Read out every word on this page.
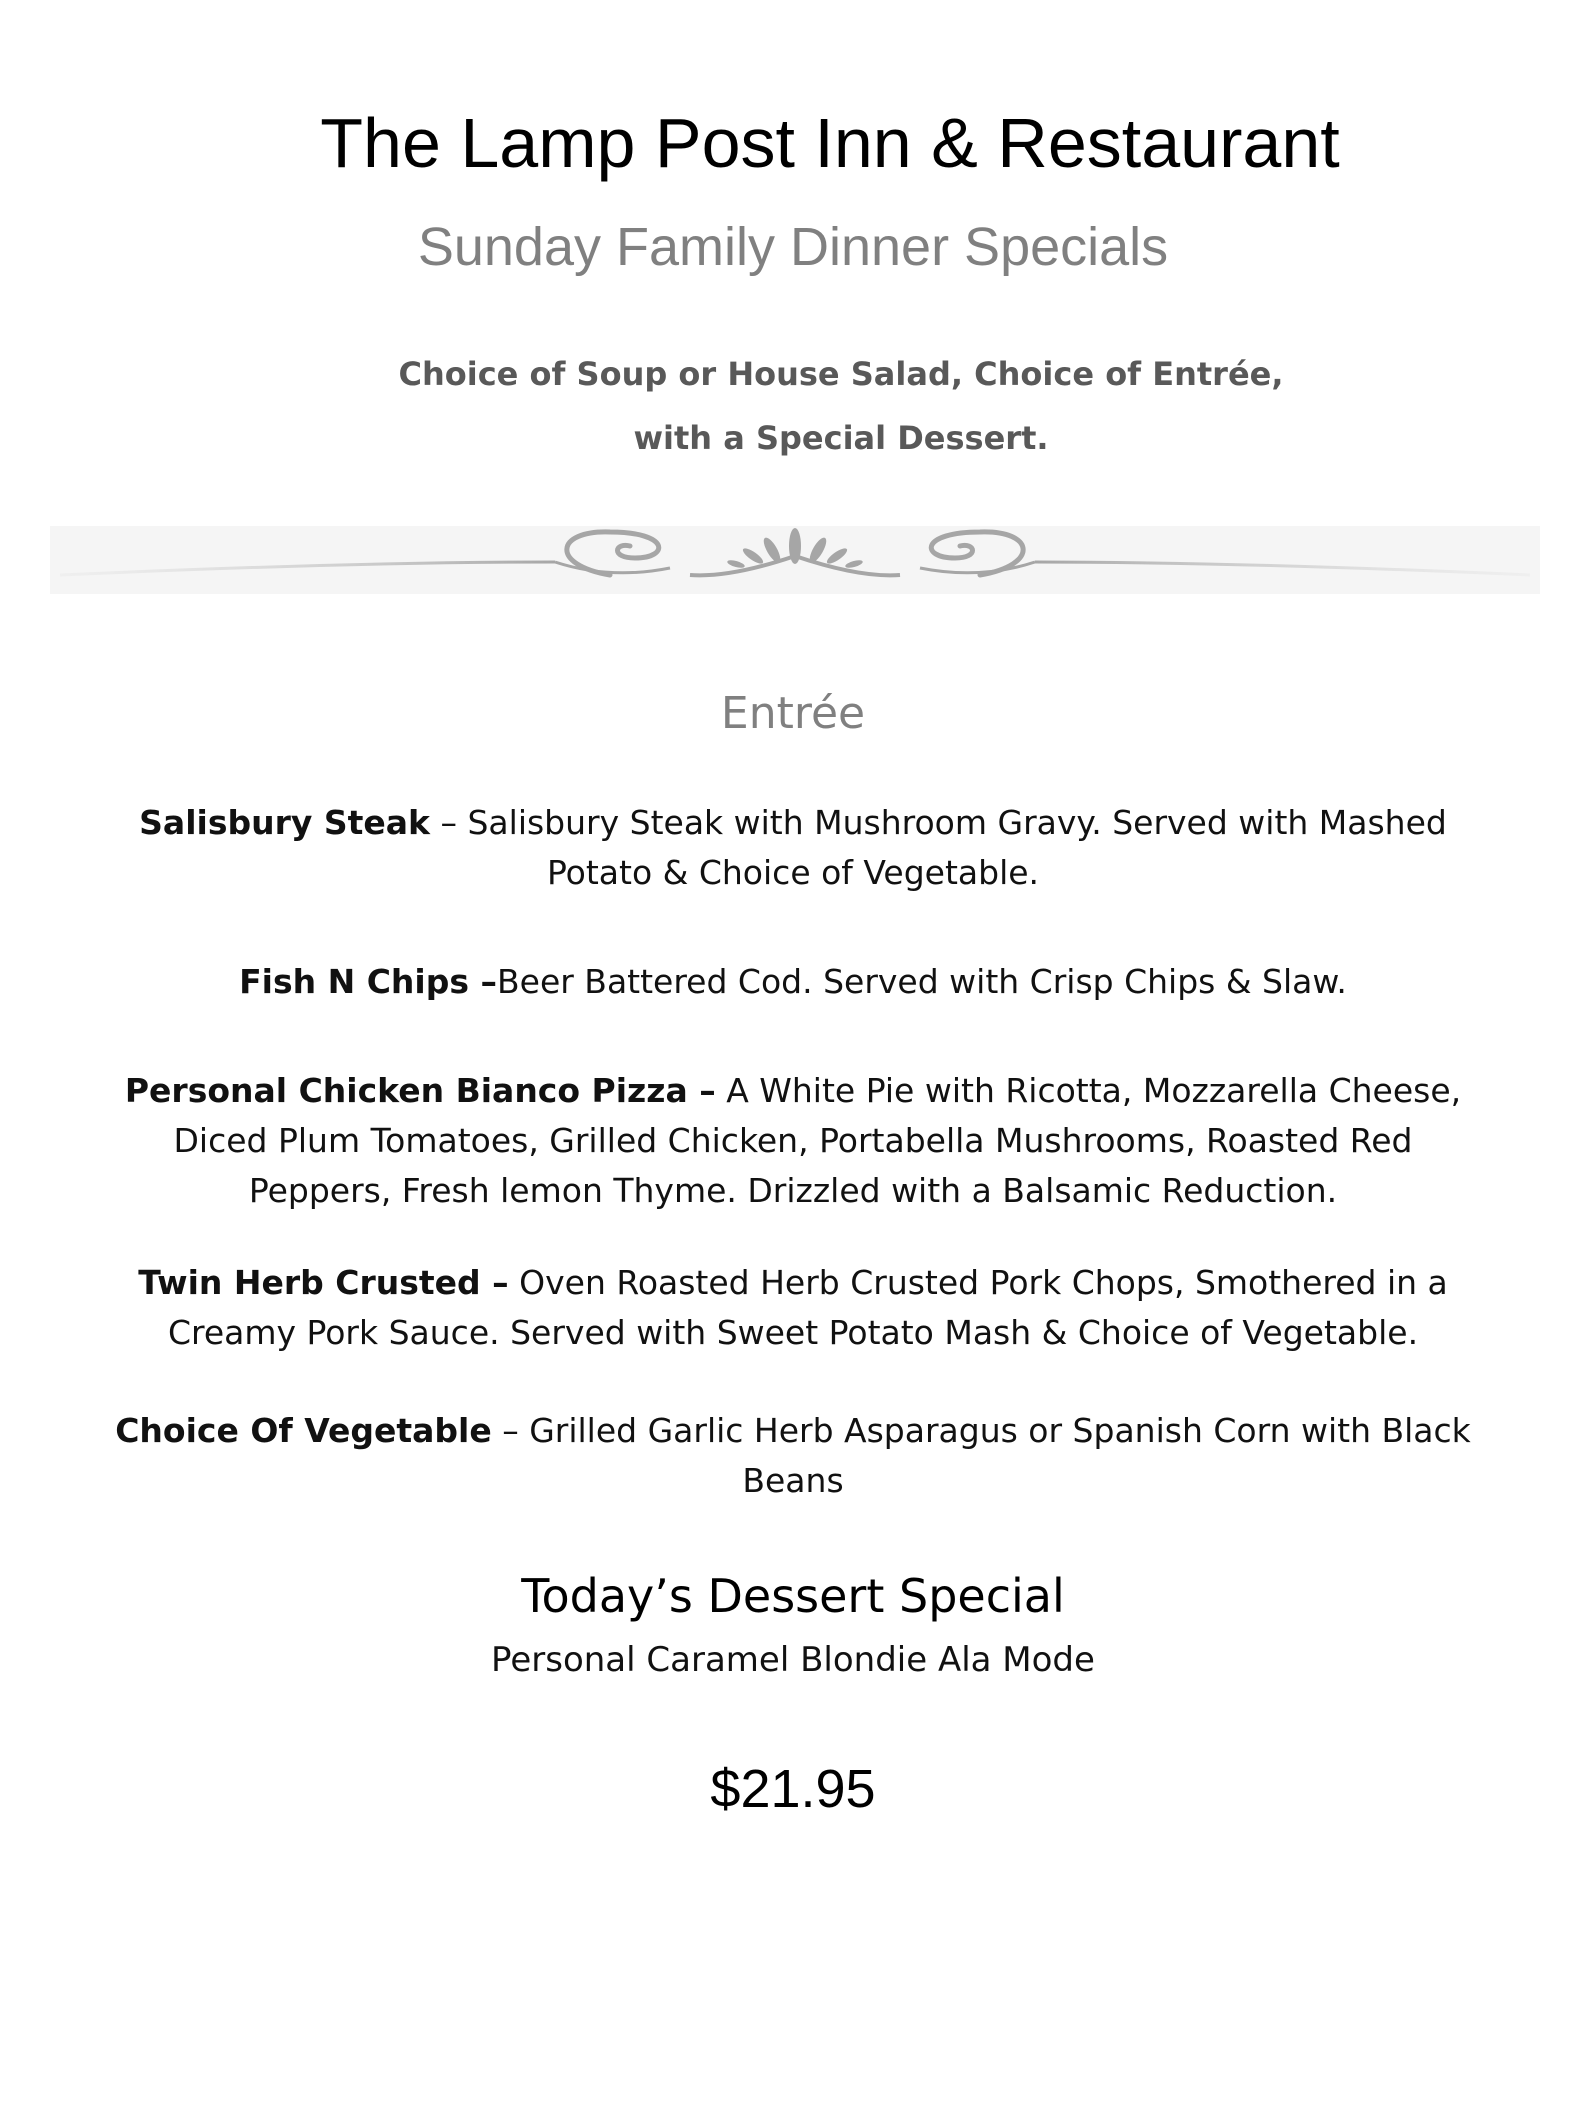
The Lamp Post Inn & Restaurant
Sunday Family Dinner Specials
Choice of Soup or House Salad, Choice of Entrée,
with a Special Dessert.
Entrée
Salisbury Steak – Salisbury Steak with Mushroom Gravy. Served with Mashed Potato & Choice of Vegetable.
Fish N Chips –Beer Battered Cod. Served with Crisp Chips & Slaw.
Personal Chicken Bianco Pizza – A White Pie with Ricotta, Mozzarella Cheese, Diced Plum Tomatoes, Grilled Chicken, Portabella Mushrooms, Roasted Red Peppers, Fresh lemon Thyme. Drizzled with a Balsamic Reduction.
Twin Herb Crusted – Oven Roasted Herb Crusted Pork Chops, Smothered in a Creamy Pork Sauce. Served with Sweet Potato Mash & Choice of Vegetable.
Choice Of Vegetable – Grilled Garlic Herb Asparagus or Spanish Corn with Black Beans
Today’s Dessert Special
Personal Caramel Blondie Ala Mode
$21.95
